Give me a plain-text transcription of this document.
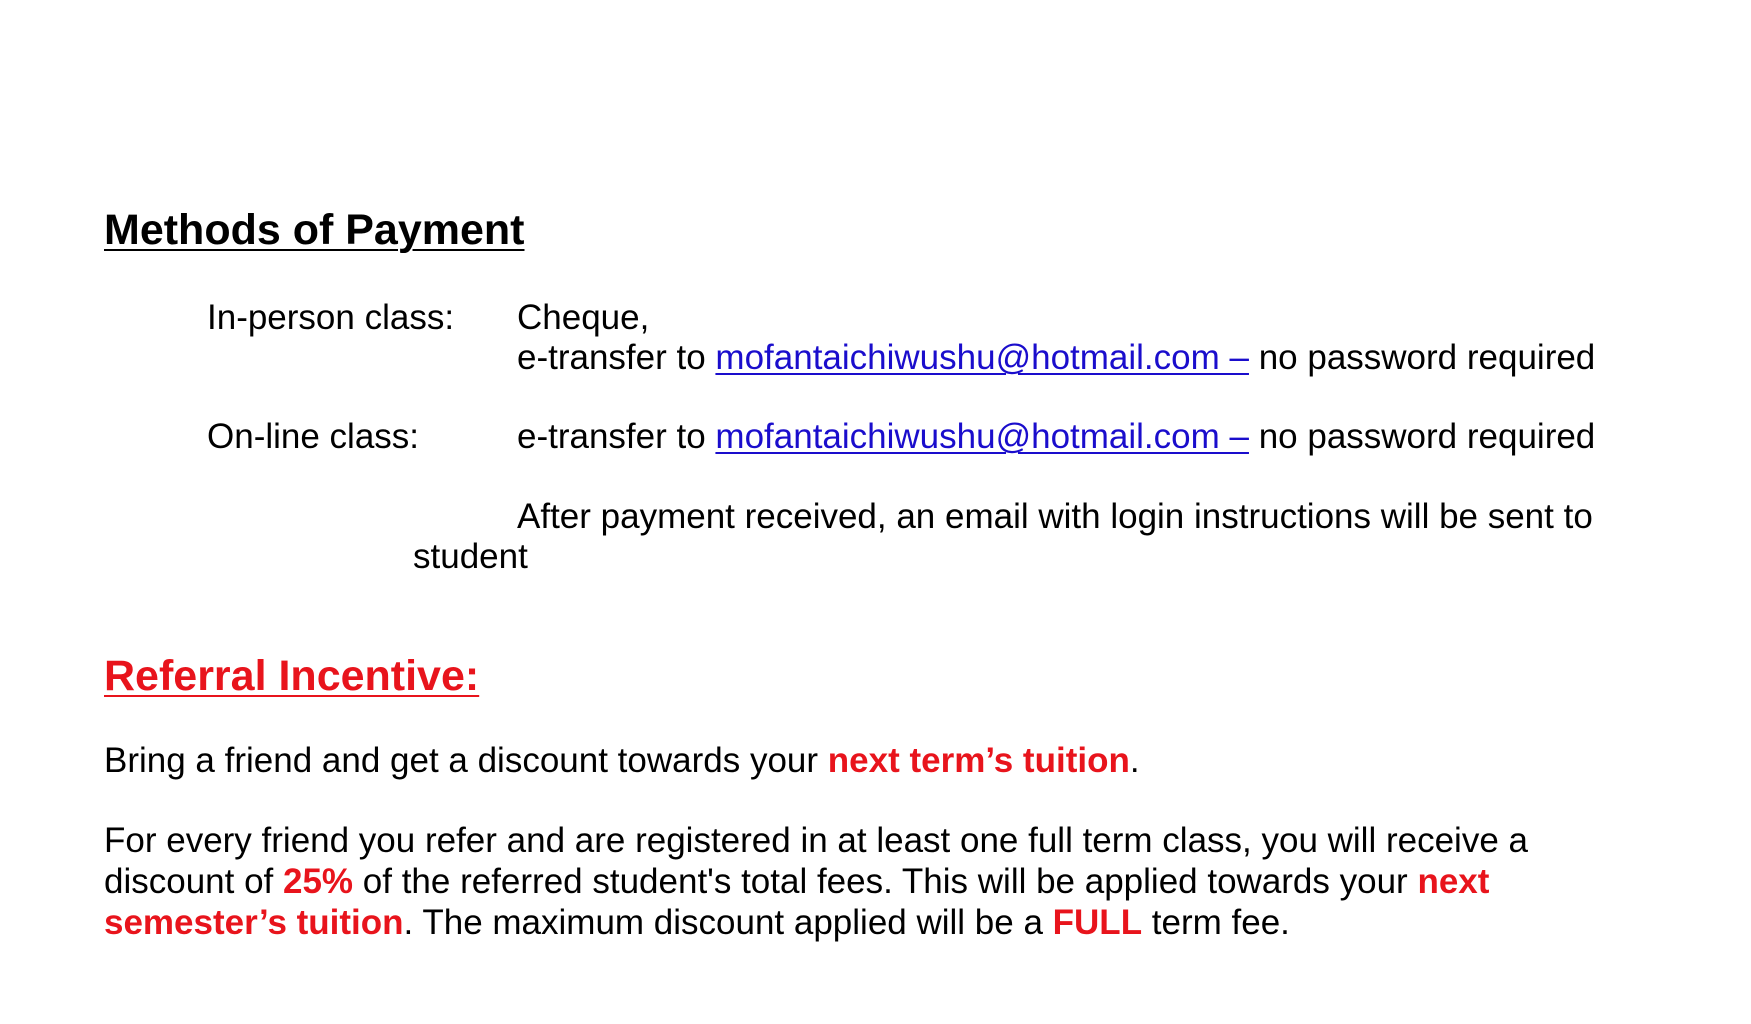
Methods of Payment
In-person class: Cheque,
e-transfer to mofantaichiwushu@hotmail.com – no password required
On-line class:	e-transfer to mofantaichiwushu@hotmail.com – no password required
After payment received, an email with login instructions will be sent to
student
Referral Incentive:
Bring a friend and get a discount towards your next term’s tuition.
For every friend you refer and are registered in at least one full term class, you will receive a
discount of 25% of the referred student's total fees. This will be applied towards your next
semester’s tuition. The maximum discount applied will be a FULL term fee.
